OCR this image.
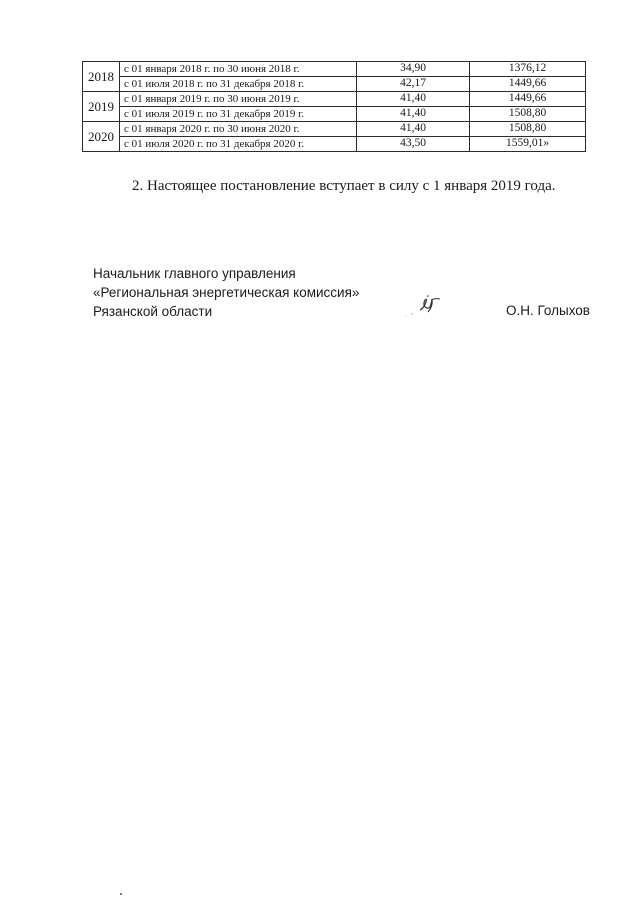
2018	с 01 января 2018 г. по 30 июня 2018 г.	34,90	1376,12
	с 01 июля 2018 г. по 31 декабря 2018 г.	42,17	1449,66
2019	с 01 января 2019 г. по 30 июня 2019 г.	41,40	1449,66
	с 01 июля 2019 г. по 31 декабря 2019 г.	41,40	1508,80
2020	с 01 января 2020 г. по 30 июня 2020 г.	41,40	1508,80
	с 01 июля 2020 г. по 31 декабря 2020 г.	43,50	1559,01»
2. Настоящее постановление вступает в силу с 1 января 2019 года.
Начальник главного управления
«Региональная энергетическая комиссия»
Рязанской области	О.Н. Голыхов
